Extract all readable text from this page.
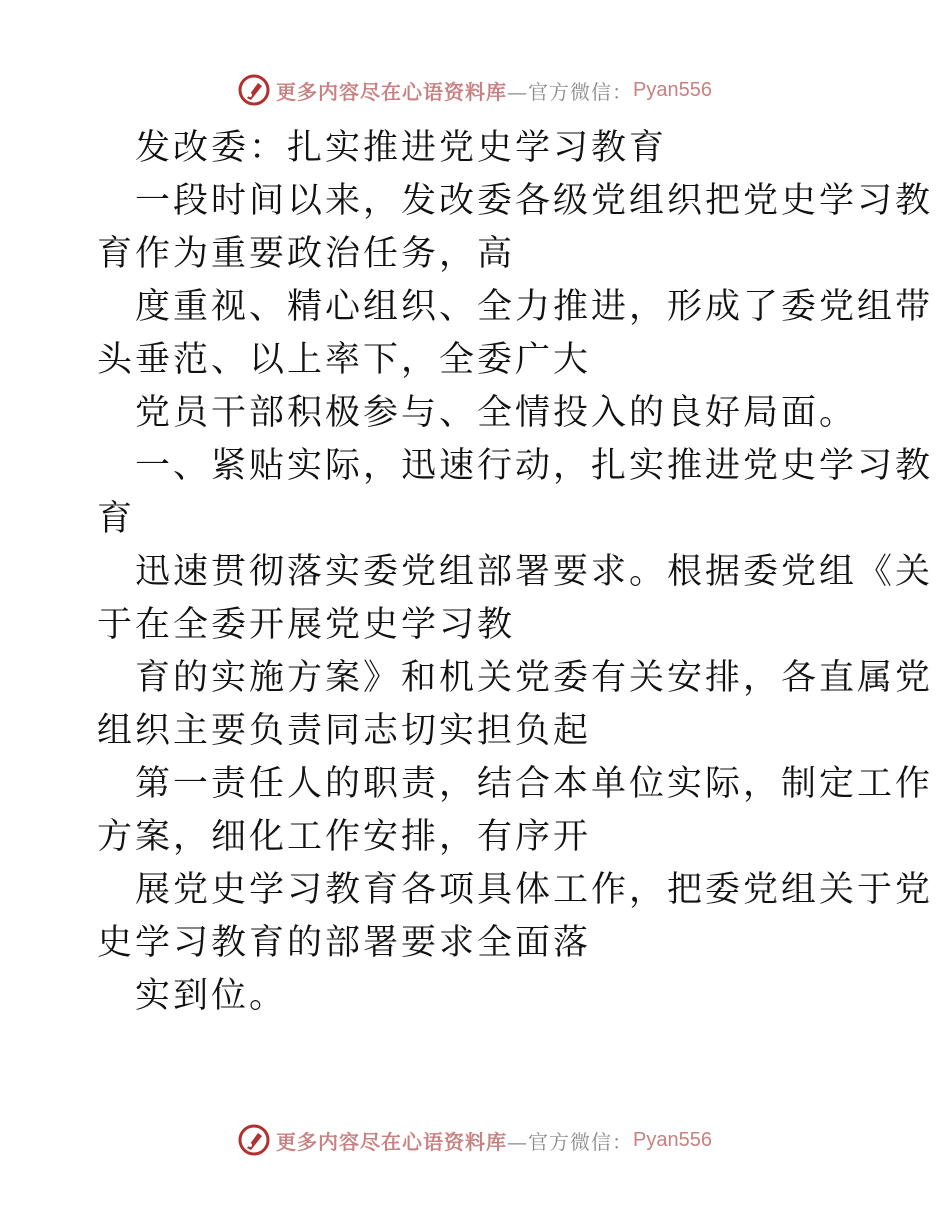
更多内容尽在心语资料库 —官方微信： Pyan556
发改委：扎实推进党史学习教育
一段时间以来，发改委各级党组织把党史学习教
育作为重要政治任务，高
度重视、精心组织、全力推进，形成了委党组带
头垂范、以上率下，全委广大
党员干部积极参与、全情投入的良好局面。
一、紧贴实际，迅速行动，扎实推进党史学习教
育
迅速贯彻落实委党组部署要求。根据委党组《关
于在全委开展党史学习教
育的实施方案》和机关党委有关安排，各直属党
组织主要负责同志切实担负起
第一责任人的职责，结合本单位实际，制定工作
方案，细化工作安排，有序开
展党史学习教育各项具体工作，把委党组关于党
史学习教育的部署要求全面落
实到位。
更多内容尽在心语资料库 —官方微信： Pyan556
